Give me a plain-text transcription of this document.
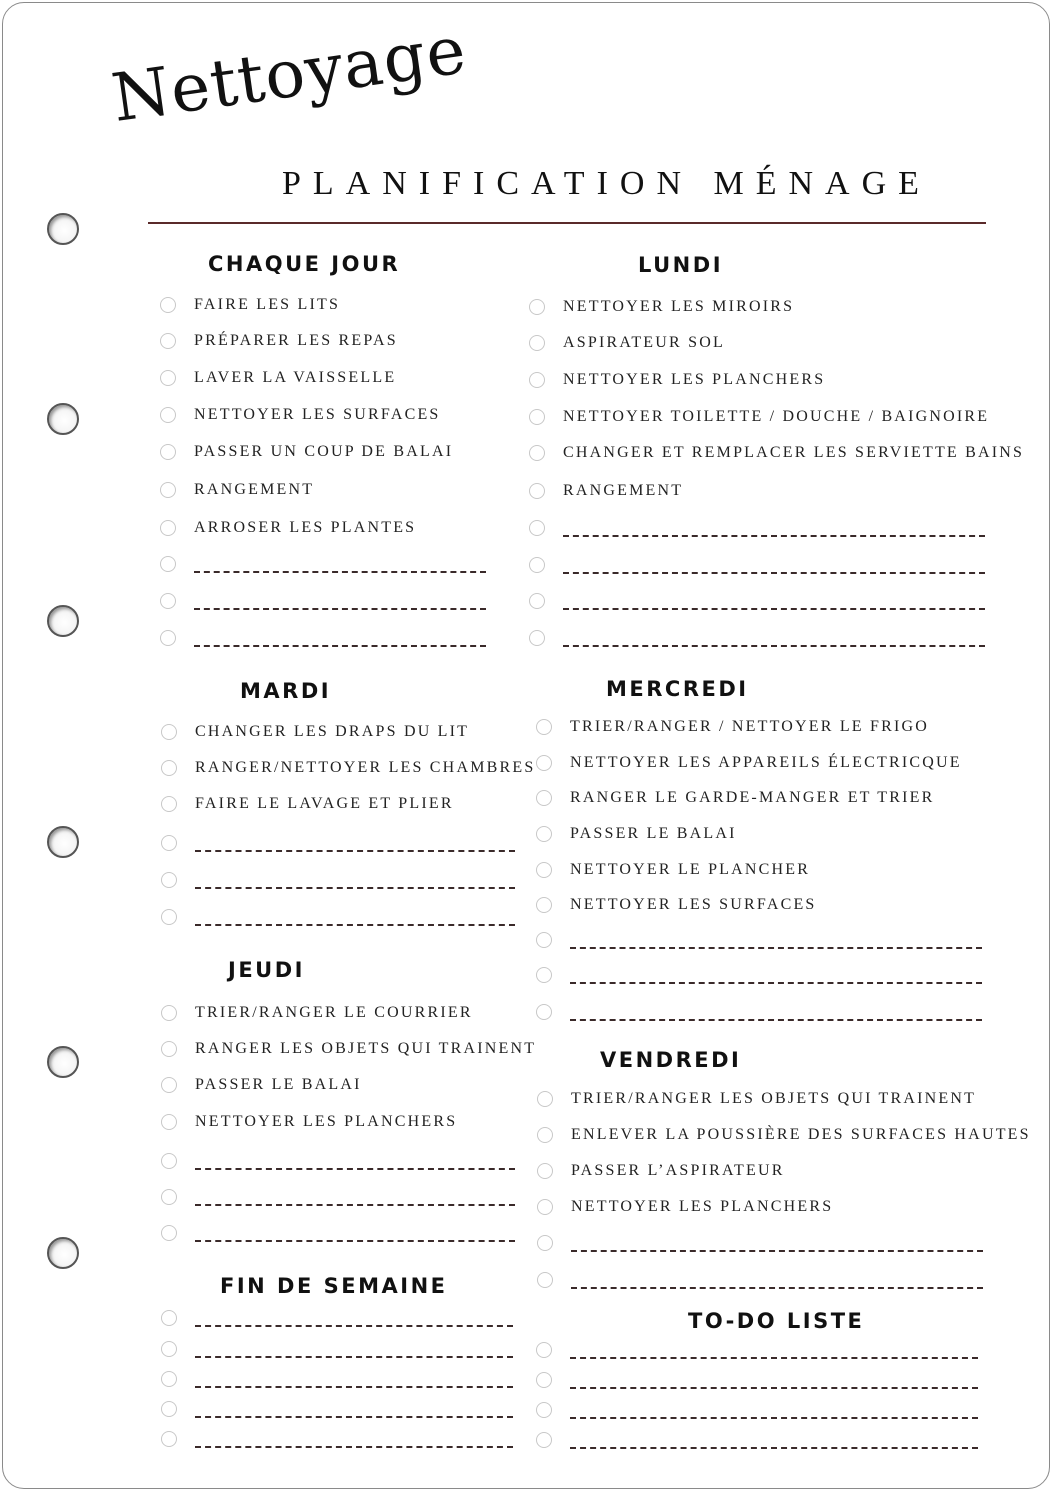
Nettoyage
PLANIFICATION MÉNAGE
CHAQUE JOUR
FAIRE LES LITS
PRÉPARER LES REPAS
LAVER LA VAISSELLE
NETTOYER LES SURFACES
PASSER UN COUP DE BALAI
RANGEMENT
ARROSER LES PLANTES
LUNDI
NETTOYER LES MIROIRS
ASPIRATEUR SOL
NETTOYER LES PLANCHERS
NETTOYER TOILETTE / DOUCHE / BAIGNOIRE
CHANGER ET REMPLACER LES SERVIETTE BAINS
RANGEMENT
MARDI
CHANGER LES DRAPS DU LIT
RANGER/NETTOYER LES CHAMBRES
FAIRE LE LAVAGE ET PLIER
MERCREDI
TRIER/RANGER / NETTOYER LE FRIGO
NETTOYER LES APPAREILS ÉLECTRICQUE
RANGER LE GARDE-MANGER ET TRIER
PASSER LE BALAI
NETTOYER LE PLANCHER
NETTOYER LES SURFACES
JEUDI
TRIER/RANGER LE COURRIER
RANGER LES OBJETS QUI TRAINENT
PASSER LE BALAI
NETTOYER LES PLANCHERS
VENDREDI
TRIER/RANGER LES OBJETS QUI TRAINENT
ENLEVER LA POUSSIÈRE DES SURFACES HAUTES
PASSER L’ASPIRATEUR
NETTOYER LES PLANCHERS
FIN DE SEMAINE
TO-DO LISTE
